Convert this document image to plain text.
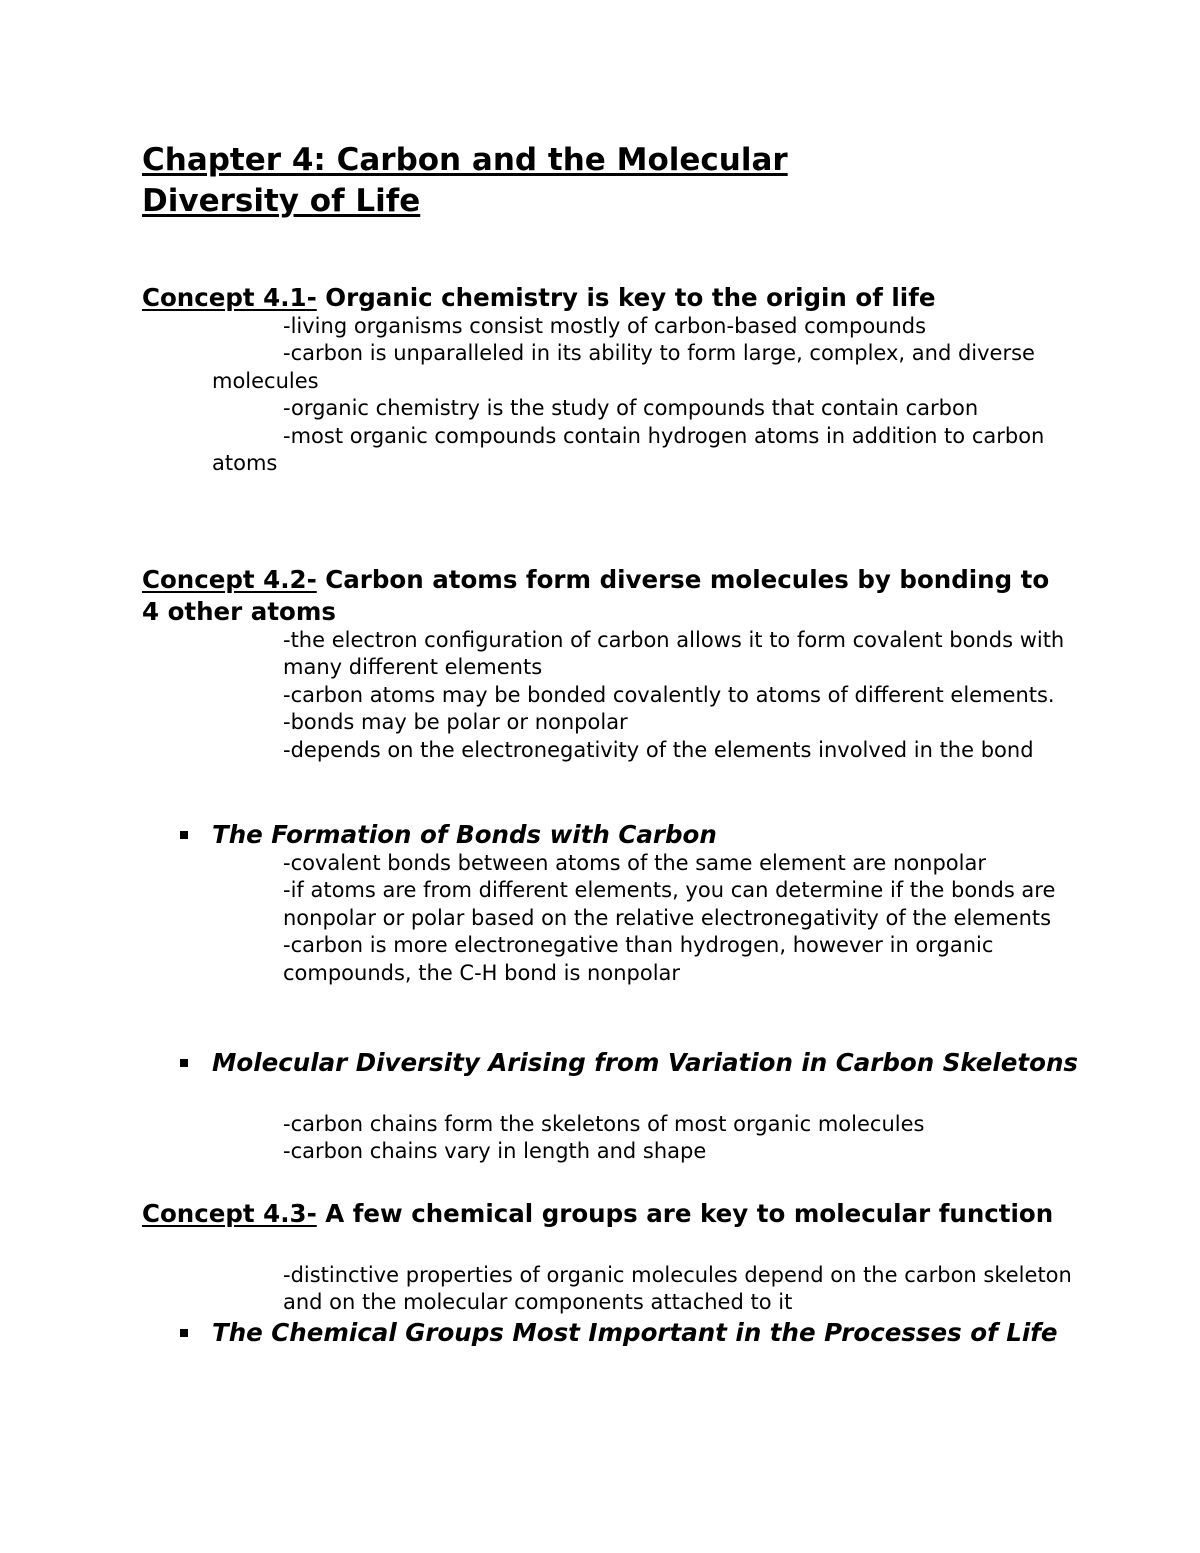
Chapter 4: Carbon and the Molecular
Diversity of Life
Concept 4.1- Organic chemistry is key to the origin of life
-living organisms consist mostly of carbon-based compounds
-carbon is unparalleled in its ability to form large, complex, and diverse molecules
-organic chemistry is the study of compounds that contain carbon
-most organic compounds contain hydrogen atoms in addition to carbon atoms
Concept 4.2- Carbon atoms form diverse molecules by bonding to 4 other atoms
-the electron configuration of carbon allows it to form covalent bonds with many different elements
-carbon atoms may be bonded covalently to atoms of different elements.
-bonds may be polar or nonpolar
-depends on the electronegativity of the elements involved in the bond
The Formation of Bonds with Carbon
-covalent bonds between atoms of the same element are nonpolar
-if atoms are from different elements, you can determine if the bonds are nonpolar or polar based on the relative electronegativity of the elements
-carbon is more electronegative than hydrogen, however in organic compounds, the C-H bond is nonpolar
Molecular Diversity Arising from Variation in Carbon Skeletons
-carbon chains form the skeletons of most organic molecules
-carbon chains vary in length and shape
Concept 4.3- A few chemical groups are key to molecular function
-distinctive properties of organic molecules depend on the carbon skeleton and on the molecular components attached to it
The Chemical Groups Most Important in the Processes of Life
